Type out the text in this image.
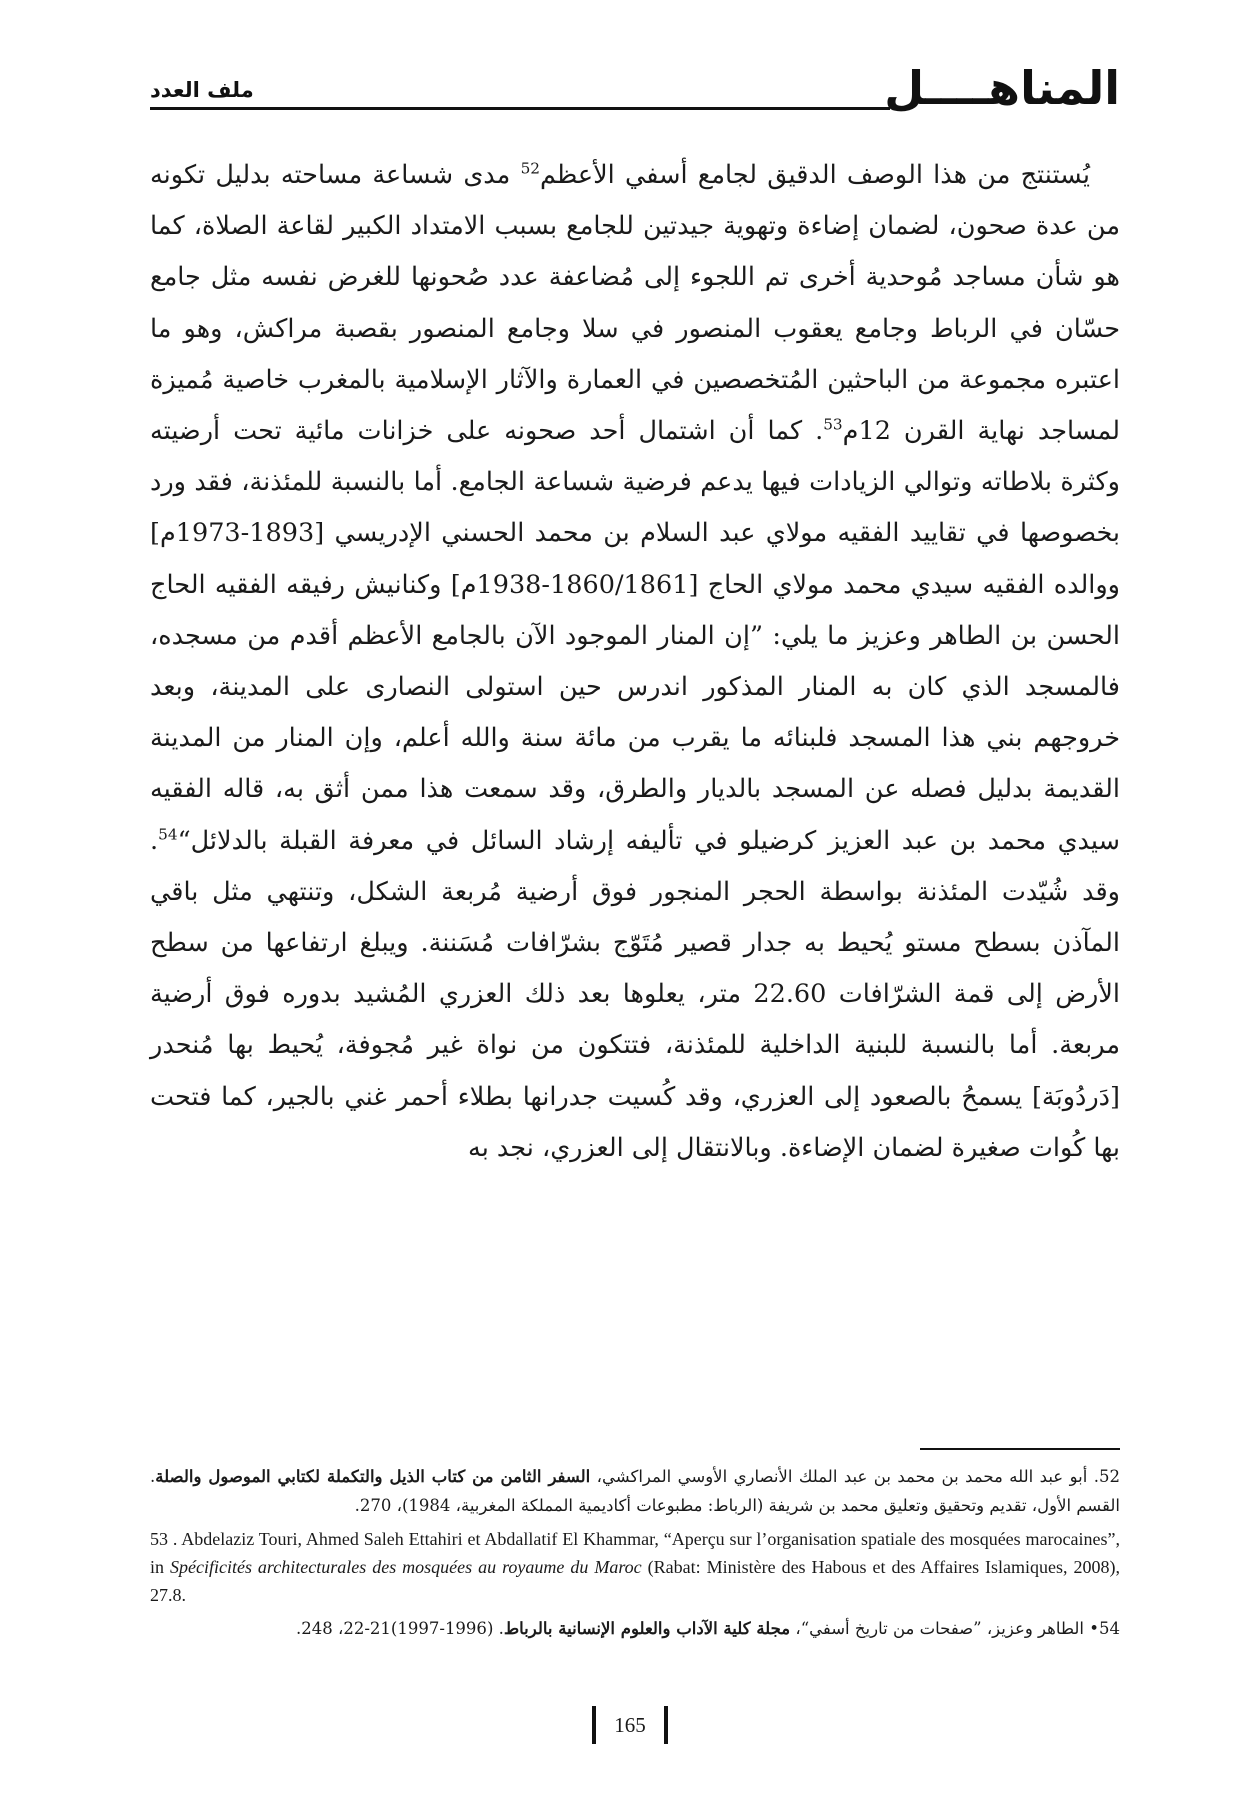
المناهــــل
ملف العدد

يُستنتج من هذا الوصف الدقيق لجامع أسفي الأعظم$^{52}$ مدى شساعة مساحته بدليل تكونه من عدة صحون، لضمان إضاءة وتهوية جيدتين للجامع بسبب الامتداد الكبير لقاعة الصلاة، كما هو شأن مساجد مُوحدية أخرى تم اللجوء إلى مُضاعفة عدد صُحونها للغرض نفسه مثل جامع حسّان في الرباط وجامع يعقوب المنصور في سلا وجامع المنصور بقصبة مراكش، وهو ما اعتبره مجموعة من الباحثين المُتخصصين في العمارة والآثار الإسلامية بالمغرب خاصية مُميزة لمساجد نهاية القرن 12م$^{53}$. كما أن اشتمال أحد صحونه على خزانات مائية تحت أرضيته وكثرة بلاطاته وتوالي الزيادات فيها يدعم فرضية شساعة الجامع. أما بالنسبة للمئذنة، فقد ورد بخصوصها في تقاييد الفقيه مولاي عبد السلام بن محمد الحسني الإدريسي [1893-1973م] ووالده الفقيه سيدي محمد مولاي الحاج [1860/1861-1938م] وكنانيش رفيقه الفقيه الحاج الحسن بن الطاهر وعزيز ما يلي: ”إن المنار الموجود الآن بالجامع الأعظم أقدم من مسجده، فالمسجد الذي كان به المنار المذكور اندرس حين استولى النصارى على المدينة، وبعد خروجهم بني هذا المسجد فلبنائه ما يقرب من مائة سنة والله أعلم، وإن المنار من المدينة القديمة بدليل فصله عن المسجد بالديار والطرق، وقد سمعت هذا ممن أثق به، قاله الفقيه سيدي محمد بن عبد العزيز كرضيلو في تأليفه إرشاد السائل في معرفة القبلة بالدلائل“$^{54}$. وقد شُيّدت المئذنة بواسطة الحجر المنجور فوق أرضية مُربعة الشكل، وتنتهي مثل باقي المآذن بسطح مستو يُحيط به جدار قصير مُتَوّج بشرّافات مُسَننة. ويبلغ ارتفاعها من سطح الأرض إلى قمة الشرّافات 22.60 متر، يعلوها بعد ذلك العزري المُشيد بدوره فوق أرضية مربعة. أما بالنسبة للبنية الداخلية للمئذنة، فتتكون من نواة غير مُجوفة، يُحيط بها مُنحدر [دَردُوبَة] يسمحُ بالصعود إلى العزري، وقد كُسيت جدرانها بطلاء أحمر غني بالجير، كما فتحت بها كُوات صغيرة لضمان الإضاءة. وبالانتقال إلى العزري، نجد به

52. أبو عبد الله محمد بن محمد بن عبد الملك الأنصاري الأوسي المراكشي، السفر الثامن من كتاب الذيل والتكملة لكتابي الموصول والصلة. القسم الأول، تقديم وتحقيق وتعليق محمد بن شريفة (الرباط: مطبوعات أكاديمية المملكة المغربية، 1984)، 270.

53 . Abdelaziz Touri, Ahmed Saleh Ettahiri et Abdallatif El Khammar, “Aperçu sur l’organisation spatiale des mosquées marocaines”, in Spécificités architecturales des mosquées au royaume du Maroc (Rabat: Ministère des Habous et des Affaires Islamiques, 2008), 27.8.

54• الطاهر وعزيز، ”صفحات من تاريخ أسفي“، مجلة كلية الآداب والعلوم الإنسانية بالرباط. (1996-1997)21-22، 248.

165
